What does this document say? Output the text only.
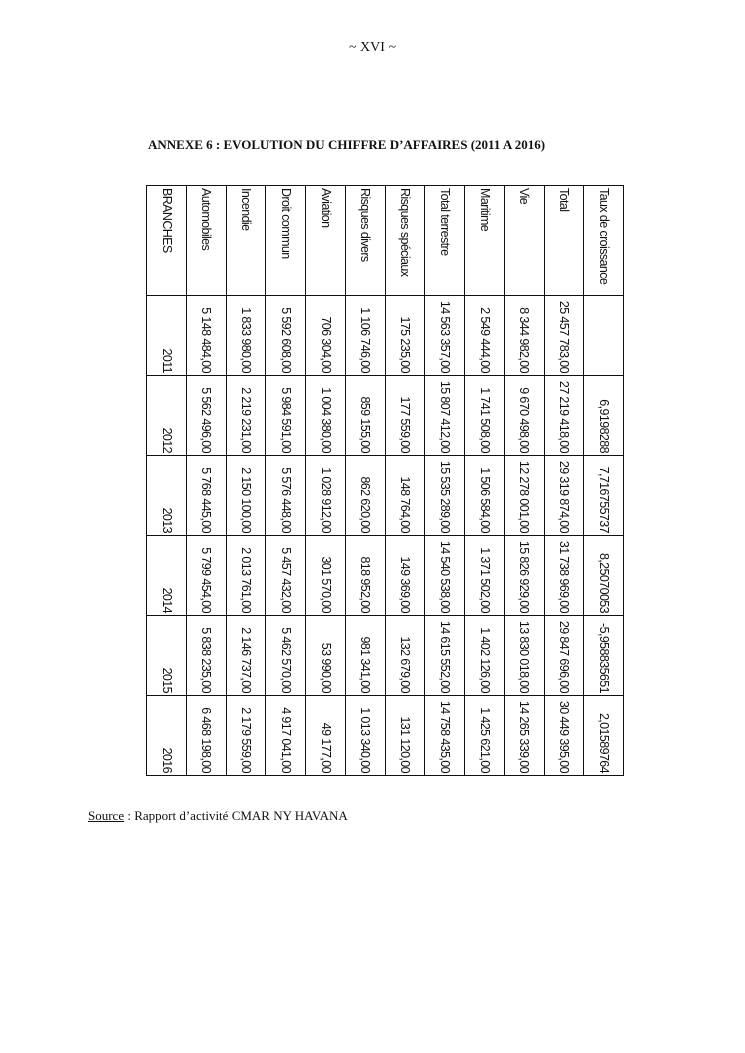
~ XVI ~
ANNEXE 6 : EVOLUTION DU CHIFFRE D’AFFAIRES (2011 A 2016)
BRANCHES	2011	2012	2013	2014	2015	2016
Automobiles	5 148 484,00	5 562 496,00	5 768 445,00	5 799 454,00	5 838 235,00	6 468 198,00
Incendie	1 833 980,00	2 219 231,00	2 150 100,00	2 013 761,00	2 146 737,00	2 179 559,00
Droit commun	5 592 608,00	5 984 591,00	5 576 448,00	5 457 432,00	5 462 570,00	4 917 041,00
Aviation	706 304,00	1 004 380,00	1 028 912,00	301 570,00	53 990,00	49 177,00
Risques divers	1 106 746,00	859 155,00	862 620,00	818 952,00	981 341,00	1 013 340,00
Risques spéciaux	175 235,00	177 559,00	148 764,00	149 369,00	132 679,00	131 120,00
Total terrestre	14 563 357,00	15 807 412,00	15 535 289,00	14 540 538,00	14 615 552,00	14 758 435,00
Maritime	2 549 444,00	1 741 508,00	1 506 584,00	1 371 502,00	1 402 126,00	1 425 621,00
Vie	8 344 982,00	9 670 498,00	12 278 001,00	15 826 929,00	13 830 018,00	14 265 339,00
Total	25 457 783,00	27 219 418,00	29 319 874,00	31 738 969,00	29 847 696,00	30 449 395,00
Taux de croissance		6,9198288	7,716755737	8,25070053	-5,958835651	2,01589764
Source : Rapport d’activité CMAR NY HAVANA
